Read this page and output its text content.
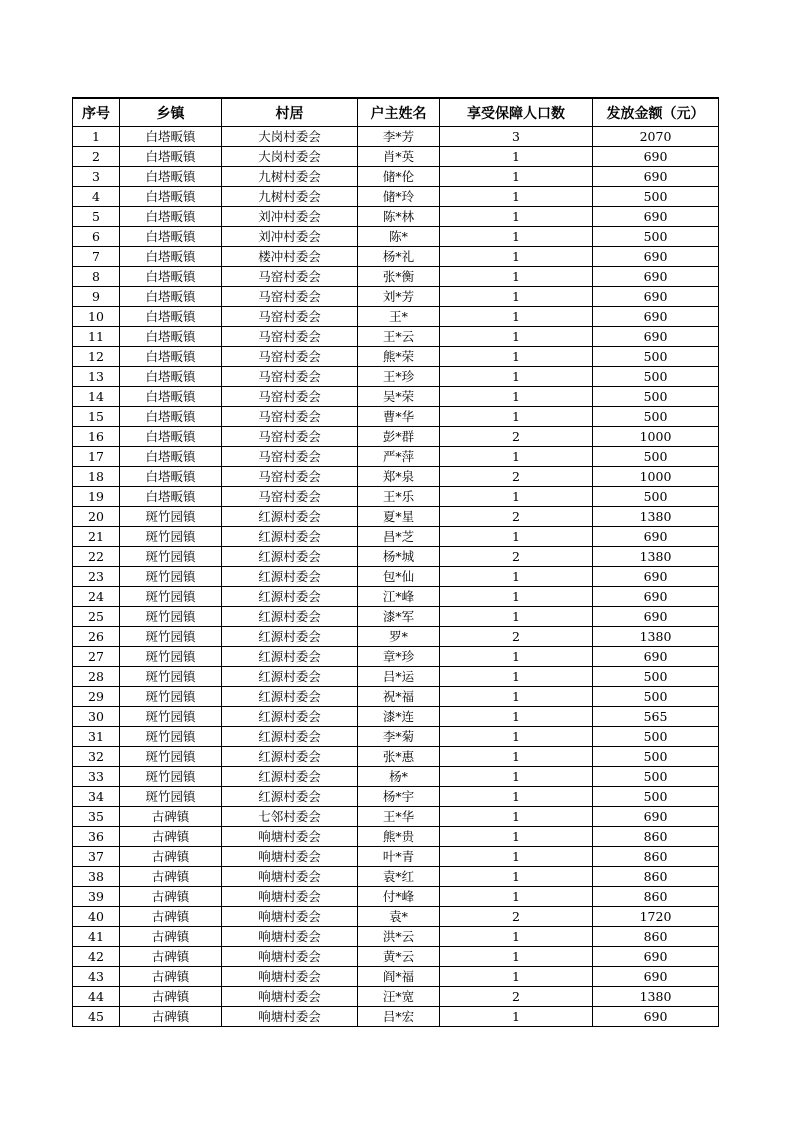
序号	乡镇	村居	户主姓名	享受保障人口数	发放金额（元）
1	白塔畈镇	大岗村委会	李*芳	3	2070
2	白塔畈镇	大岗村委会	肖*英	1	690
3	白塔畈镇	九树村委会	储*伦	1	690
4	白塔畈镇	九树村委会	储*玲	1	500
5	白塔畈镇	刘冲村委会	陈*林	1	690
6	白塔畈镇	刘冲村委会	陈*	1	500
7	白塔畈镇	楼冲村委会	杨*礼	1	690
8	白塔畈镇	马窑村委会	张*衡	1	690
9	白塔畈镇	马窑村委会	刘*芳	1	690
10	白塔畈镇	马窑村委会	王*	1	690
11	白塔畈镇	马窑村委会	王*云	1	690
12	白塔畈镇	马窑村委会	熊*荣	1	500
13	白塔畈镇	马窑村委会	王*珍	1	500
14	白塔畈镇	马窑村委会	吴*荣	1	500
15	白塔畈镇	马窑村委会	曹*华	1	500
16	白塔畈镇	马窑村委会	彭*群	2	1000
17	白塔畈镇	马窑村委会	严*萍	1	500
18	白塔畈镇	马窑村委会	郑*泉	2	1000
19	白塔畈镇	马窑村委会	王*乐	1	500
20	斑竹园镇	红源村委会	夏*星	2	1380
21	斑竹园镇	红源村委会	昌*芝	1	690
22	斑竹园镇	红源村委会	杨*城	2	1380
23	斑竹园镇	红源村委会	包*仙	1	690
24	斑竹园镇	红源村委会	江*峰	1	690
25	斑竹园镇	红源村委会	漆*军	1	690
26	斑竹园镇	红源村委会	罗*	2	1380
27	斑竹园镇	红源村委会	章*珍	1	690
28	斑竹园镇	红源村委会	吕*运	1	500
29	斑竹园镇	红源村委会	祝*福	1	500
30	斑竹园镇	红源村委会	漆*连	1	565
31	斑竹园镇	红源村委会	李*菊	1	500
32	斑竹园镇	红源村委会	张*惠	1	500
33	斑竹园镇	红源村委会	杨*	1	500
34	斑竹园镇	红源村委会	杨*宇	1	500
35	古碑镇	七邻村委会	王*华	1	690
36	古碑镇	响塘村委会	熊*贵	1	860
37	古碑镇	响塘村委会	叶*青	1	860
38	古碑镇	响塘村委会	袁*红	1	860
39	古碑镇	响塘村委会	付*峰	1	860
40	古碑镇	响塘村委会	袁*	2	1720
41	古碑镇	响塘村委会	洪*云	1	860
42	古碑镇	响塘村委会	黄*云	1	690
43	古碑镇	响塘村委会	阎*福	1	690
44	古碑镇	响塘村委会	汪*宽	2	1380
45	古碑镇	响塘村委会	吕*宏	1	690
